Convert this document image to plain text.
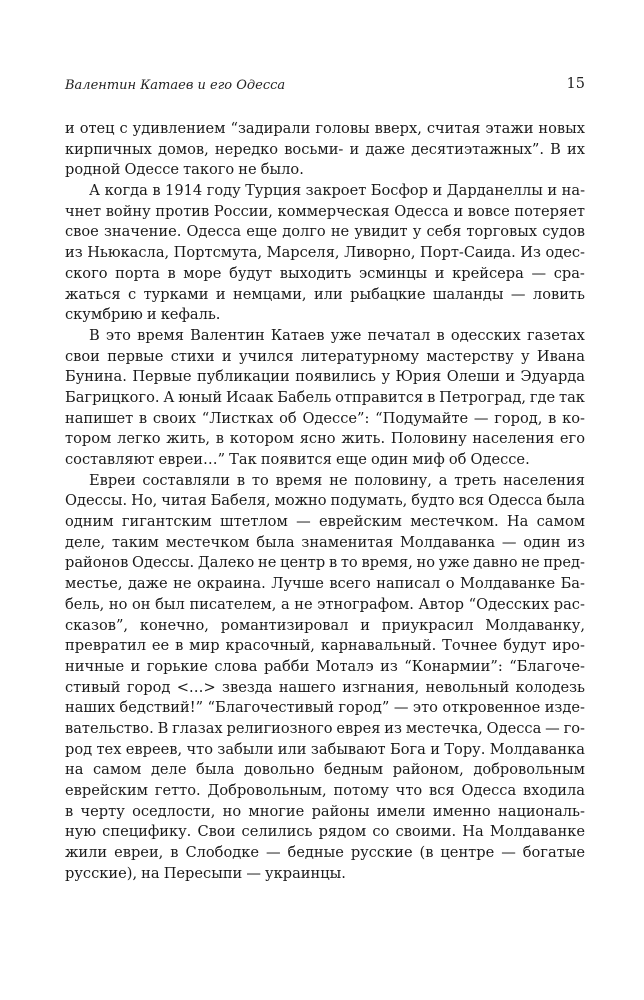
Валентин Катаев и его Одесса	15
и отец с удивлением “задирали головы вверх, считая этажи новых
кирпичных домов, нередко восьми- и даже десятиэтажных”. В их
родной Одессе такого не было.
А когда в 1914 году Турция закроет Босфор и Дарданеллы и на-
чнет войну против России, коммерческая Одесса и вовсе потеряет
свое значение. Одесса еще долго не увидит у себя торговых судов
из Ньюкасла, Портсмута, Марселя, Ливорно, Порт-Саида. Из одес-
ского порта в море будут выходить эсминцы и крейсера — сра-
жаться с турками и немцами, или рыбацкие шаланды — ловить
скумбрию и кефаль.
В это время Валентин Катаев уже печатал в одесских газетах
свои первые стихи и учился литературному мастерству у Ивана
Бунина. Первые публикации появились у Юрия Олеши и Эдуарда
Багрицкого. А юный Исаак Бабель отправится в Петроград, где так
напишет в своих “Листках об Одессе”: “Подумайте — город, в ко-
тором легко жить, в котором ясно жить. Половину населения его
составляют евреи…” Так появится еще один миф об Одессе.
Евреи составляли в то время не половину, а треть населения
Одессы. Но, читая Бабеля, можно подумать, будто вся Одесса была
одним гигантским штетлом — еврейским местечком. На самом
деле, таким местечком была знаменитая Молдаванка — один из
районов Одессы. Далеко не центр в то время, но уже давно не пред-
местье, даже не окраина. Лучше всего написал о Молдаванке Ба-
бель, но он был писателем, а не этнографом. Автор “Одесских рас-
сказов”, конечно, романтизировал и приукрасил Молдаванку,
превратил ее в мир красочный, карнавальный. Точнее будут иро-
ничные и горькие слова рабби Моталэ из “Конармии”: “Благоче-
стивый город <…> звезда нашего изгнания, невольный колодезь
наших бедствий!” “Благочестивый город” — это откровенное изде-
вательство. В глазах религиозного еврея из местечка, Одесса — го-
род тех евреев, что забыли или забывают Бога и Тору. Молдаванка
на самом деле была довольно бедным районом, добровольным
еврейским гетто. Добровольным, потому что вся Одесса входила
в черту оседлости, но многие районы имели именно националь-
ную специфику. Свои селились рядом со своими. На Молдаванке
жили евреи, в Слободке — бедные русские (в центре — богатые
русские), на Пересыпи — украинцы.
